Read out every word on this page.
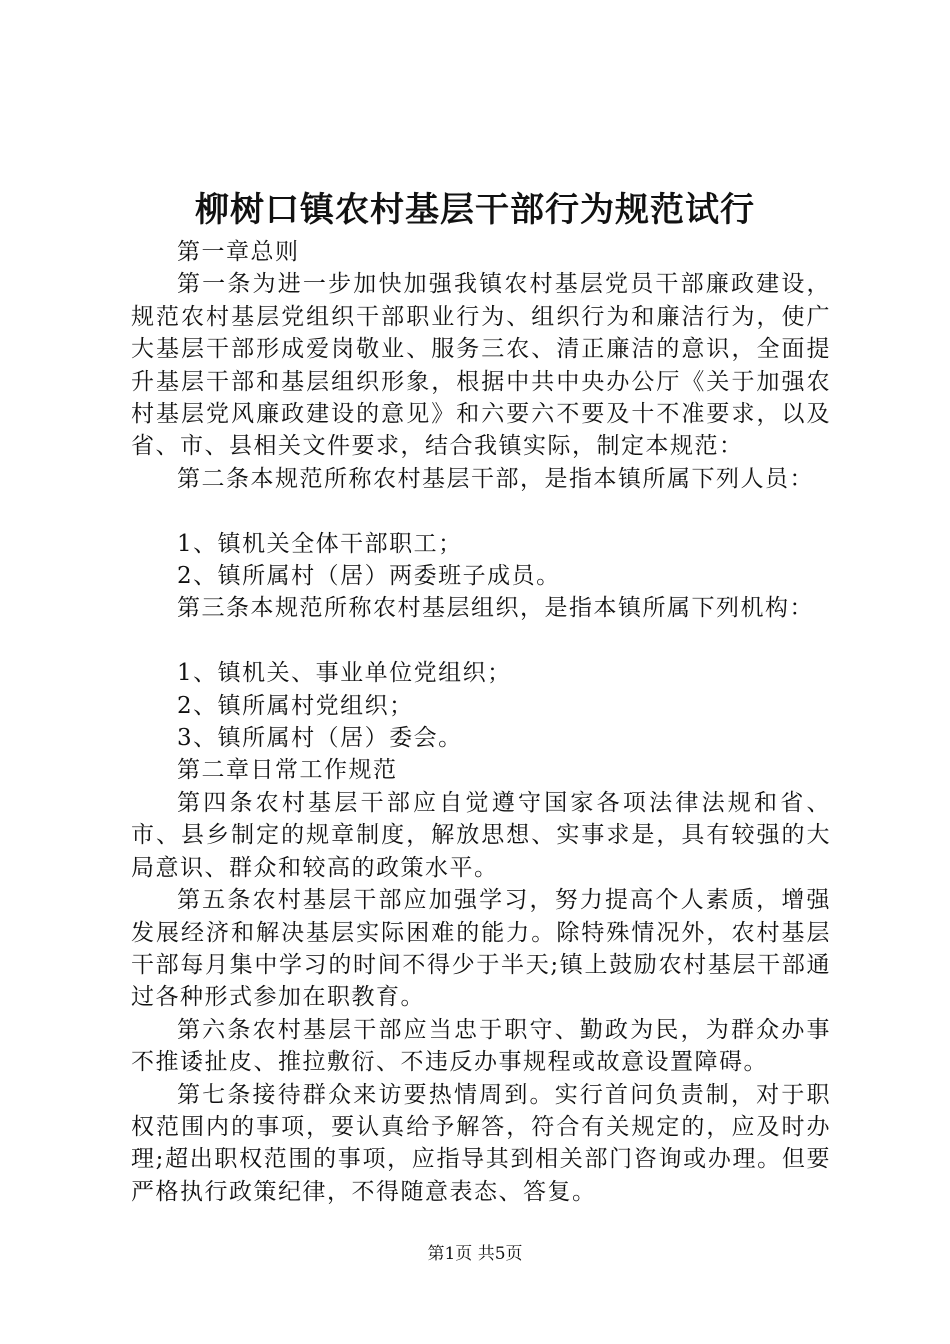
柳树口镇农村基层干部行为规范试行

第一章总则

第一条为进一步加快加强我镇农村基层党员干部廉政建设，规范农村基层党组织干部职业行为、组织行为和廉洁行为，使广大基层干部形成爱岗敬业、服务三农、清正廉洁的意识，全面提升基层干部和基层组织形象，根据中共中央办公厅《关于加强农村基层党风廉政建设的意见》和六要六不要及十不准要求，以及省、市、县相关文件要求，结合我镇实际，制定本规范：

第二条本规范所称农村基层干部，是指本镇所属下列人员：

1、镇机关全体干部职工；

2、镇所属村（居）两委班子成员。

第三条本规范所称农村基层组织，是指本镇所属下列机构：

1、镇机关、事业单位党组织；

2、镇所属村党组织；

3、镇所属村（居）委会。

第二章日常工作规范

第四条农村基层干部应自觉遵守国家各项法律法规和省、市、县乡制定的规章制度，解放思想、实事求是，具有较强的大局意识、群众和较高的政策水平。

第五条农村基层干部应加强学习，努力提高个人素质，增强发展经济和解决基层实际困难的能力。除特殊情况外，农村基层干部每月集中学习的时间不得少于半天;镇上鼓励农村基层干部通过各种形式参加在职教育。

第六条农村基层干部应当忠于职守、勤政为民，为群众办事不推诿扯皮、推拉敷衍、不违反办事规程或故意设置障碍。

第七条接待群众来访要热情周到。实行首问负责制，对于职权范围内的事项，要认真给予解答，符合有关规定的，应及时办理;超出职权范围的事项，应指导其到相关部门咨询或办理。但要严格执行政策纪律，不得随意表态、答复。

第1页 共5页
